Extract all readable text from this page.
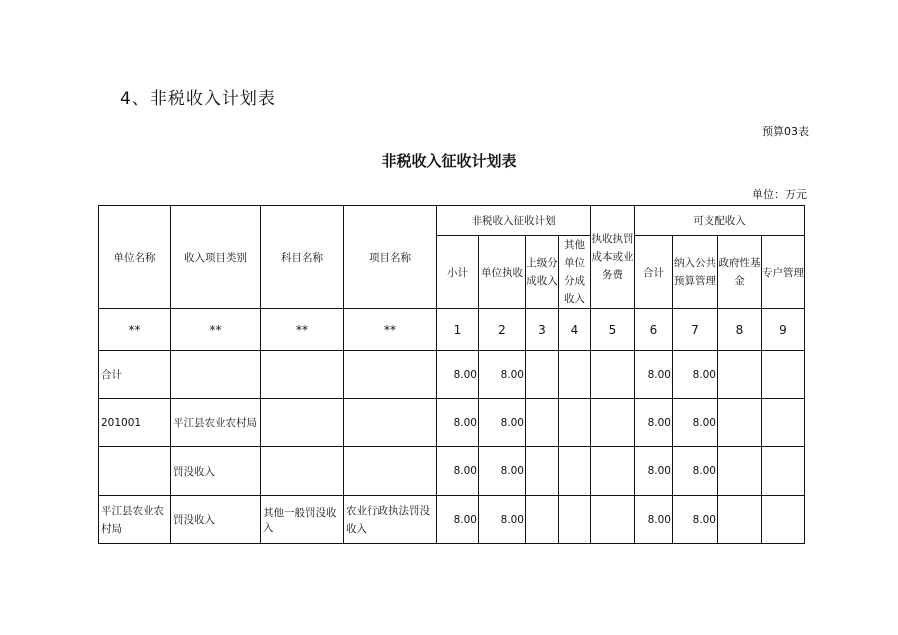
4、非税收入计划表
预算03表
非税收入征收计划表
单位：万元
单位名称	收入项目类别	科目名称	项目名称	非税收入征收计划				执收执罚成本或业务费	可支配收入			
				小计	单位执收	上级分成收入	其他单位分成收入		合计	纳入公共预算管理	政府性基金	专户管理
**	**	**	**	1	2	3	4	5	6	7	8	9
合计				8.00	8.00				8.00	8.00		
201001	平江县农业农村局			8.00	8.00				8.00	8.00		
	罚没收入			8.00	8.00				8.00	8.00		
平江县农业农村局	罚没收入	其他一般罚没收入	农业行政执法罚没收入	8.00	8.00				8.00	8.00		
